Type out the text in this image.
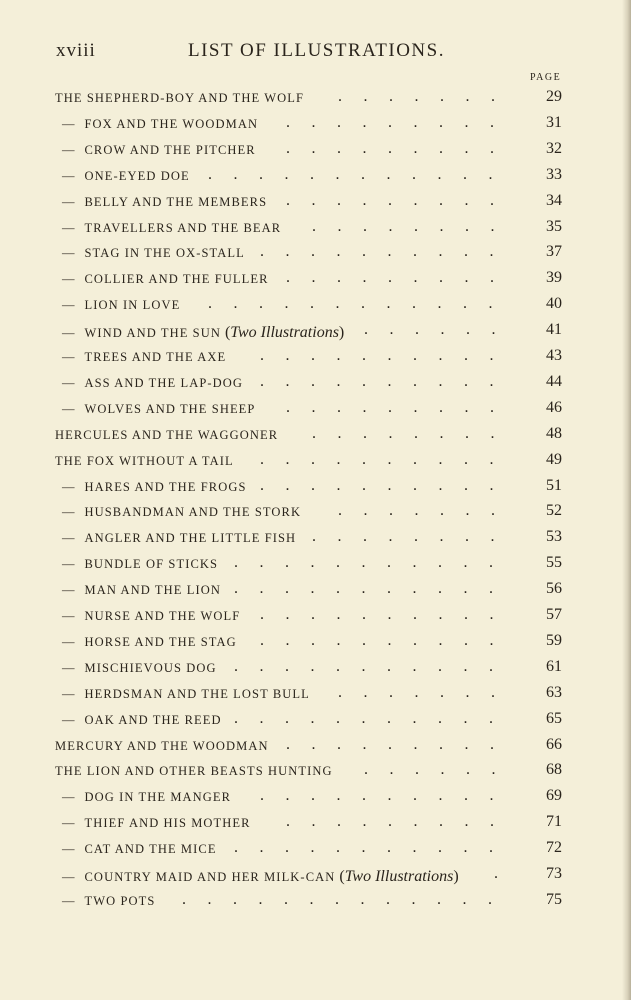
xviii	LIST OF ILLUSTRATIONS.
PAGE
THE SHEPHERD-BOY AND THE WOLF	29
.......
— FOX AND THE WOODMAN	31
.........
— CROW AND THE PITCHER	32
.........
— ONE-EYED DOE	33
............
— BELLY AND THE MEMBERS	34
.........
— TRAVELLERS AND THE BEAR	35
........
— STAG IN THE OX-STALL	37
..........
— COLLIER AND THE FULLER	39
.........
— LION IN LOVE	40
............
— WIND AND THE SUN (Two Illustrations)	41
......
— TREES AND THE AXE	43
..........
— ASS AND THE LAP-DOG	44
..........
— WOLVES AND THE SHEEP	46
.........
HERCULES AND THE WAGGONER	48
........
THE FOX WITHOUT A TAIL	49
..........
— HARES AND THE FROGS	51
..........
— HUSBANDMAN AND THE STORK	52
.......
— ANGLER AND THE LITTLE FISH	53
........
— BUNDLE OF STICKS	55
...........
— MAN AND THE LION	56
...........
— NURSE AND THE WOLF	57
..........
— HORSE AND THE STAG	59
..........
— MISCHIEVOUS DOG	61
...........
— HERDSMAN AND THE LOST BULL	63
.......
— OAK AND THE REED	65
...........
MERCURY AND THE WOODMAN	66
.........
THE LION AND OTHER BEASTS HUNTING	68
......
— DOG IN THE MANGER	69
..........
— THIEF AND HIS MOTHER	71
.........
— CAT AND THE MICE	72
...........
— COUNTRY MAID AND HER MILK-CAN (Two Illustrations)	73
.
— TWO POTS	75
.............
